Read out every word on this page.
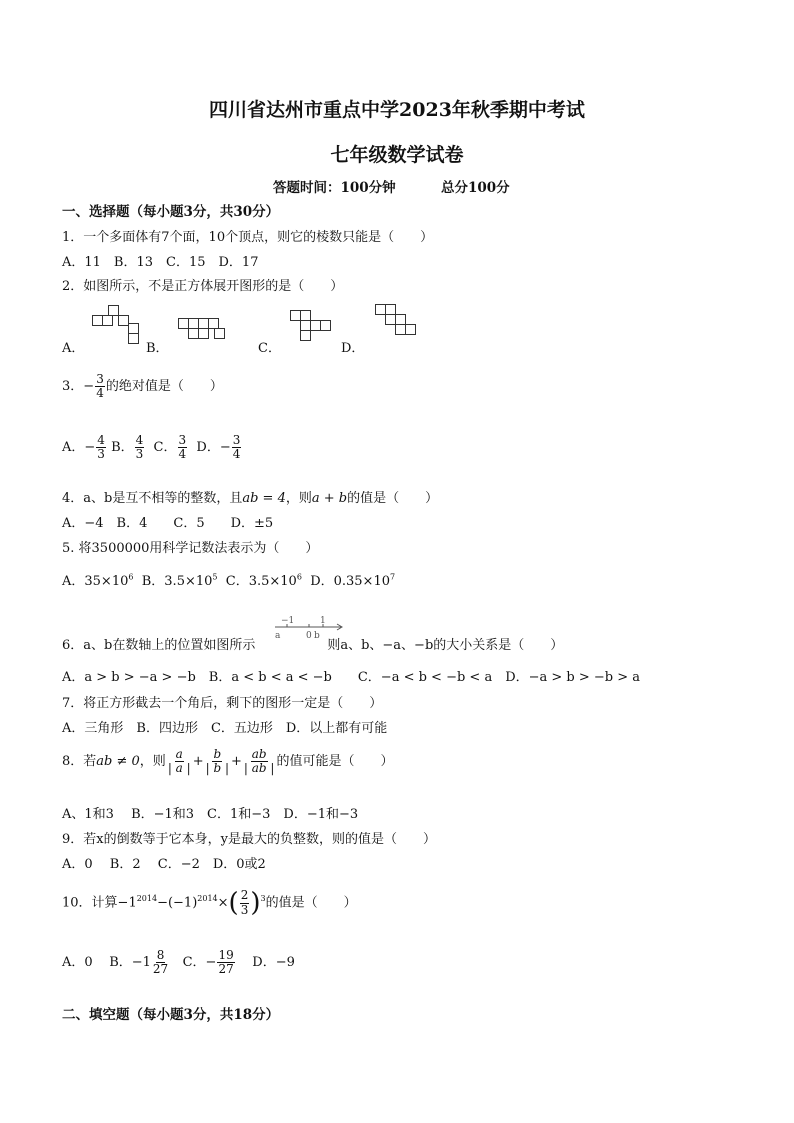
四川省达州市重点中学2023年秋季期中考试
七年级数学试卷
答题时间：100分钟	总分100分
一、选择题（每小题3分，共30分）
1．一个多面体有7个面，10个顶点，则它的棱数只能是（　　）
A．11　B．13　C．15　D．17
2．如图所示，不是正方体展开图形的是（　　）
A．	B．	C．	D．
3．− $\frac{3}{4}$ 的绝对值是（　　）
A．− $\frac{4}{3}$ B． $\frac{4}{3}$ C． $\frac{3}{4}$ D．− $\frac{3}{4}$
4．a、b是互不相等的整数，且ab = 4，则a + b的值是（　　）
A．−4　B．4　　C．5　　D．±5
5. 将3500000用科学记数法表示为（　　）
A．$35\times 10^6$ B．$3.5\times 10^5$ C．$3.5\times 10^6$ D．$0.35\times 10^7$
6．a、b在数轴上的位置如图所示	则a、b、−a、−b的大小关系是（　　）
a
−1
0 b
1
A．a > b > −a > −b　B．a < b < a < −b　　C．−a < b < −b < a　D．−a > b > −b > a
7．将正方形截去一个角后，剩下的图形一定是（　　）
A．三角形　B．四边形　C．五边形　D．以上都有可能
8．若ab ≠ 0，则 $\frac{a}{| a |} + \frac{b}{| b |} + \frac{ab}{| ab |}$ 的值可能是（　　）
A、1和3　 B．−1和3　C．1和−3　D．−1和−3
9．若x的倒数等于它本身，y是最大的负整数，则的值是（　　）
A．0　 B．2　 C．−2　D．0或2
10．计算$-1^{2014}-(-1)^{2014}\times( \frac{2}{3} )^3$的值是（　　）
A．0 B．$-1 \frac{8}{27}$ C．− $\frac{19}{27}$ D．−9
二、填空题（每小题3分，共18分）
